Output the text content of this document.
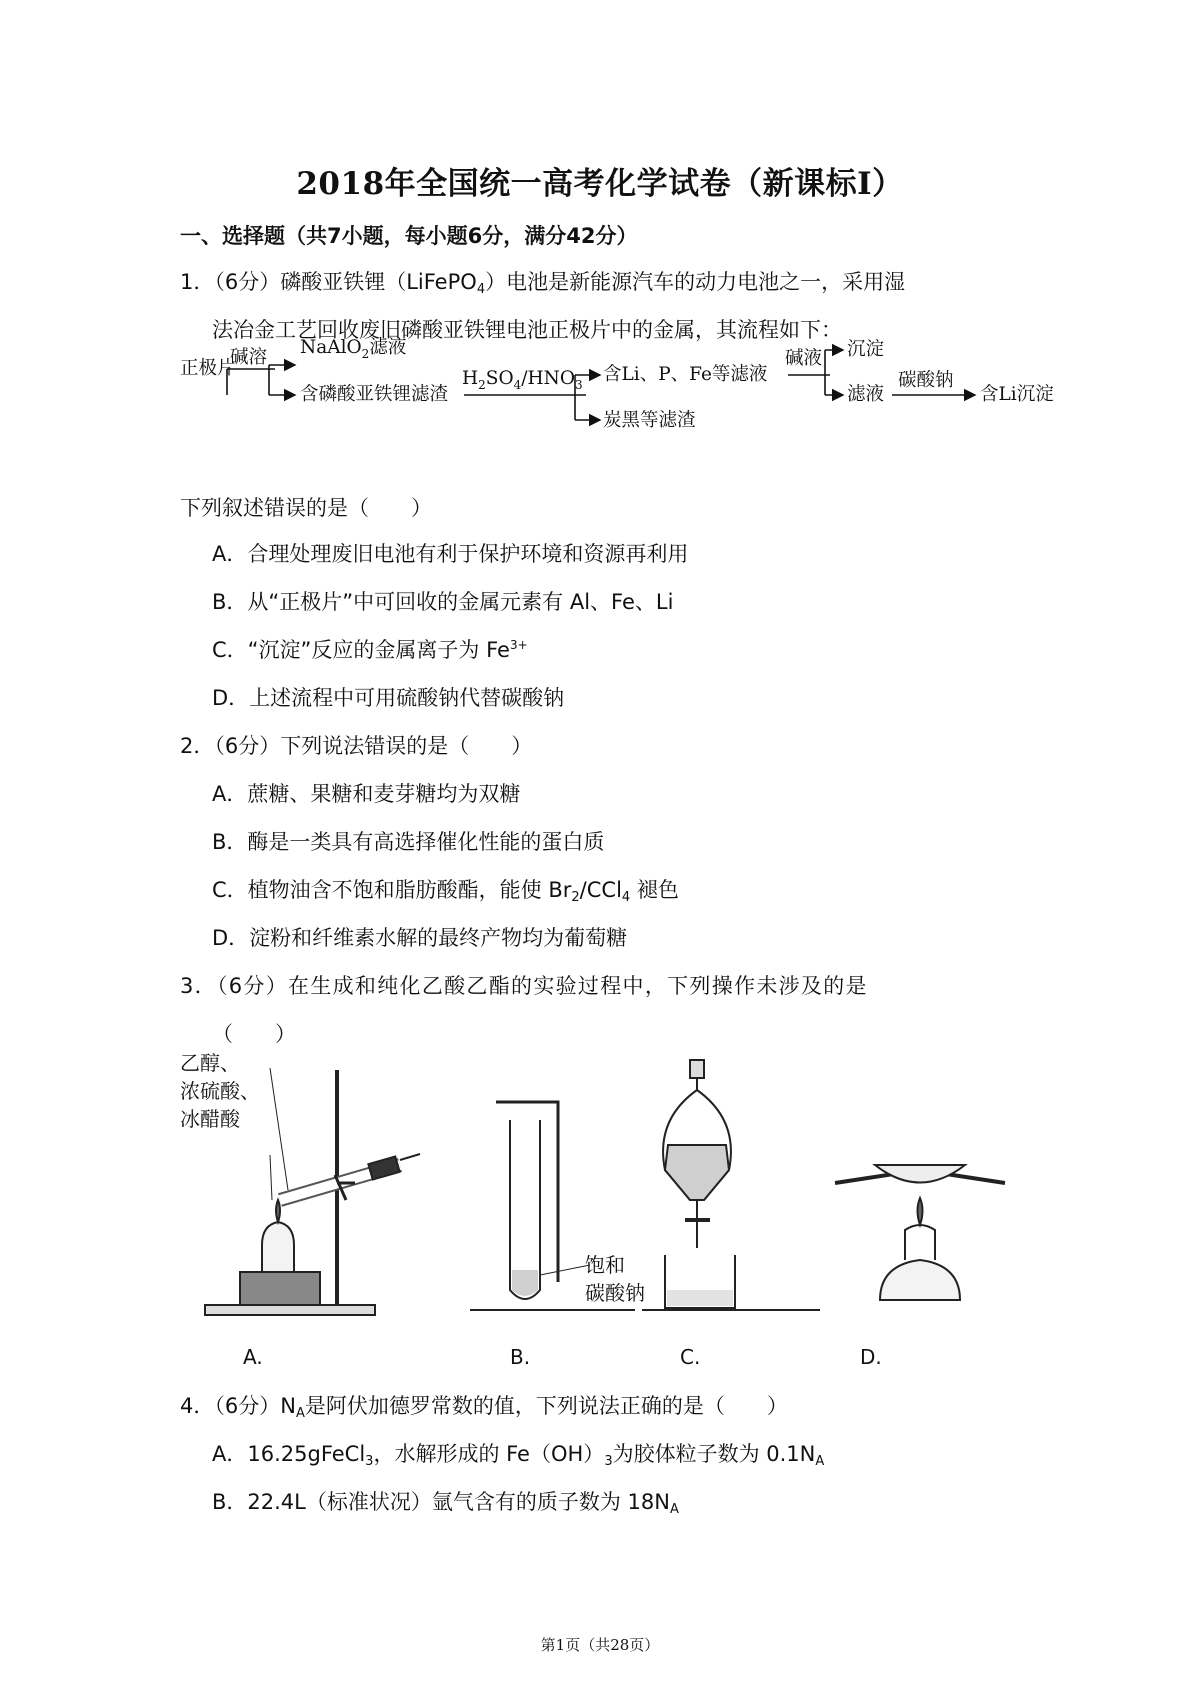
2018年全国统一高考化学试卷（新课标Ⅰ）
一、选择题（共7小题，每小题6分，满分42分）
1．（6分）磷酸亚铁锂（LiFePO$_4$）电池是新能源汽车的动力电池之一，采用湿
法冶金工艺回收废旧磷酸亚铁锂电池正极片中的金属，其流程如下：
正极片
碱溶 NaAlO$_2$滤液
含磷酸亚铁锂滤渣
$H_2SO_4/HNO_3$ 含Li、P、Fe等滤液
炭黑等滤渣
碱液 沉淀
滤液
碳酸钠
含Li沉淀
下列叙述错误的是（　　）
A．合理处理废旧电池有利于保护环境和资源再利用
B．从“正极片”中可回收的金属元素有 Al、Fe、Li
C．“沉淀”反应的金属离子为 $Fe^{3+}$
D．上述流程中可用硫酸钠代替碳酸钠
2．（6分）下列说法错误的是（　　）
A．蔗糖、果糖和麦芽糖均为双糖
B．酶是一类具有高选择催化性能的蛋白质
C．植物油含不饱和脂肪酸酯，能使 $Br_2/CCl_4$ 褪色
D．淀粉和纤维素水解的最终产物均为葡萄糖
3．（6分）在生成和纯化乙酸乙酯的实验过程中，下列操作未涉及的是
（　　）
乙醇、
浓硫酸、
冰醋酸
饱和
碳酸钠
A.	B.	C.	D.
4．（6分）$N_A$是阿伏加德罗常数的值，下列说法正确的是（　　）
A．16.25gFeCl$_3$，水解形成的 $Fe(OH)_3$为胶体粒子数为 $0.1N_A$
B．22.4L（标准状况）氩气含有的质子数为 $18N_A$
第1页（共28页）
